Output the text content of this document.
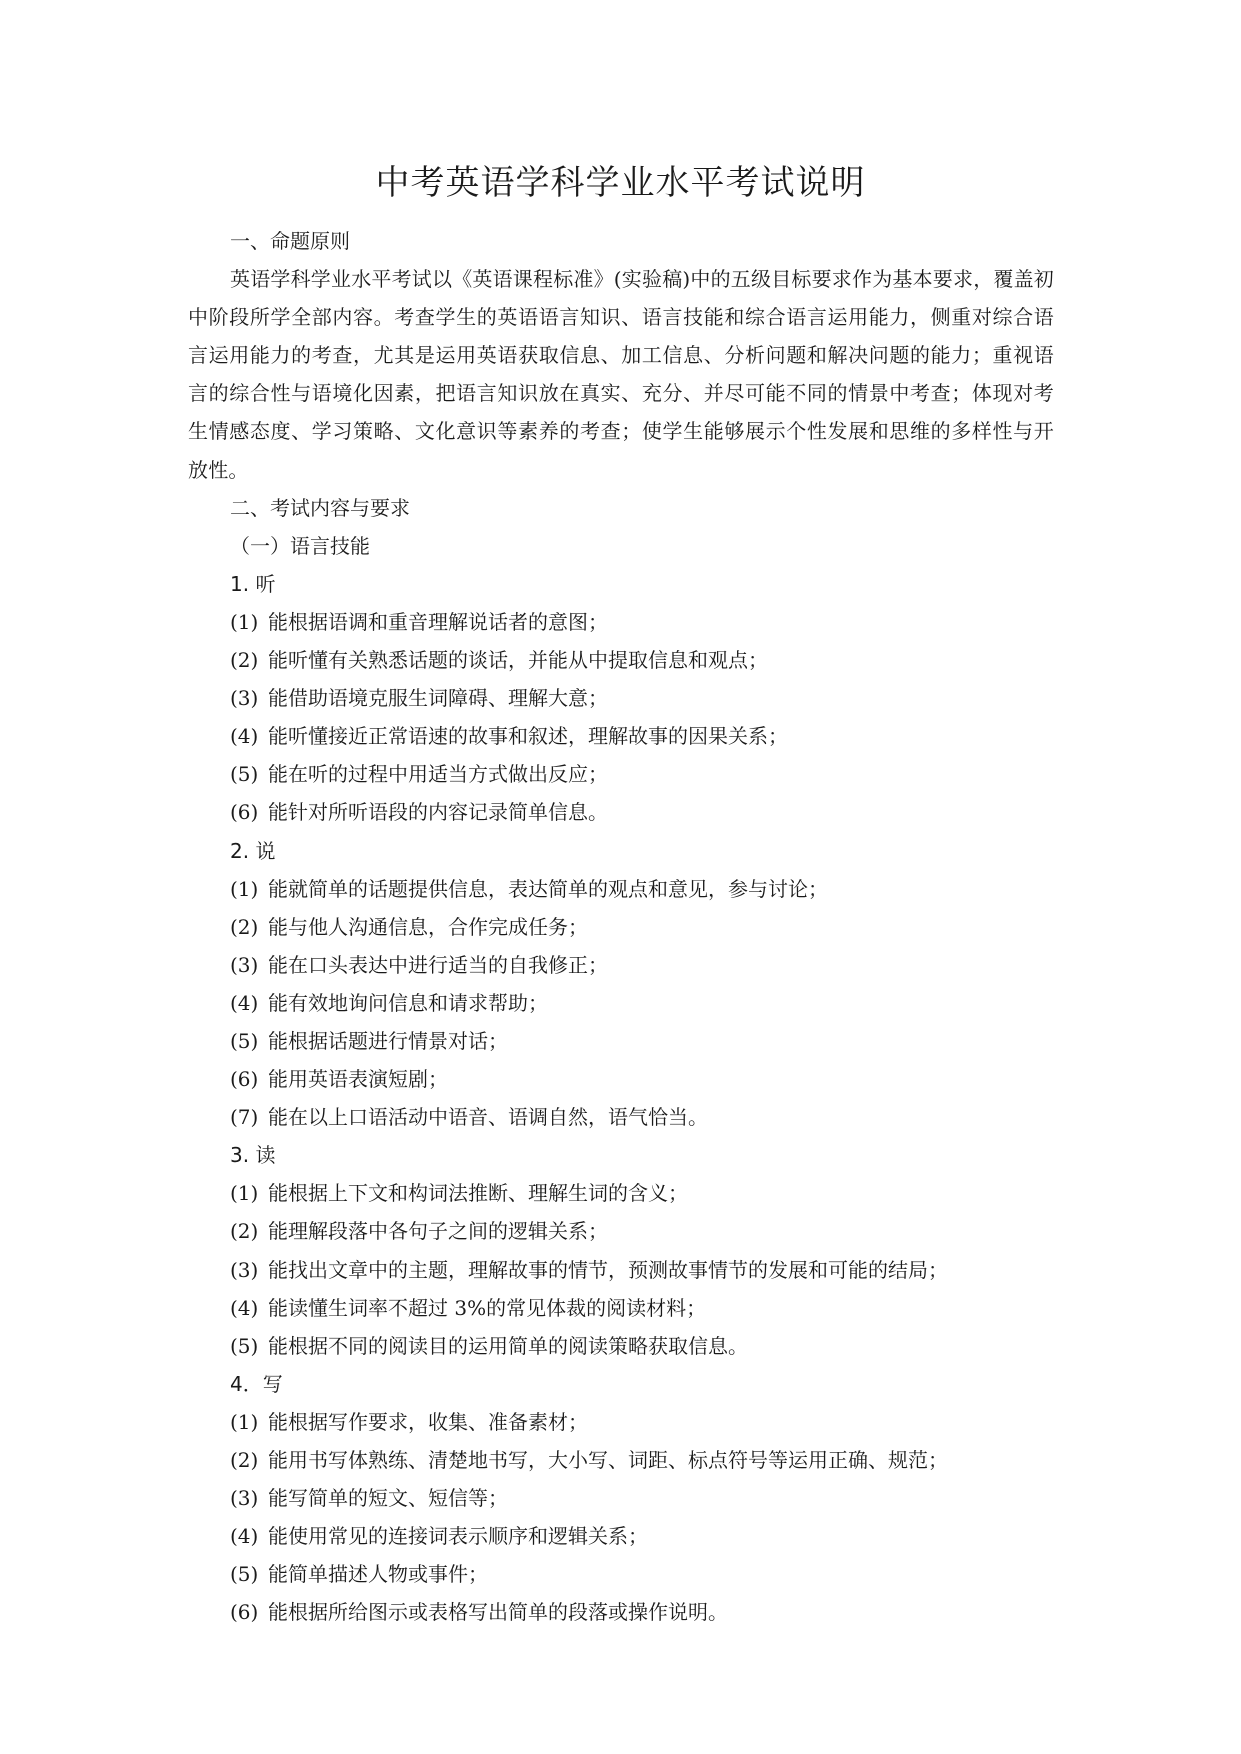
中考英语学科学业水平考试说明
一、命题原则

英语学科学业水平考试以《英语课程标准》(实验稿)中的五级目标要求作为基本要求，覆盖初中阶段所学全部内容。考查学生的英语语言知识、语言技能和综合语言运用能力，侧重对综合语言运用能力的考查，尤其是运用英语获取信息、加工信息、分析问题和解决问题的能力；重视语言的综合性与语境化因素，把语言知识放在真实、充分、并尽可能不同的情景中考查；体现对考生情感态度、学习策略、文化意识等素养的考查；使学生能够展示个性发展和思维的多样性与开放性。

二、考试内容与要求
（一）语言技能
1. 听
(1) 能根据语调和重音理解说话者的意图；
(2) 能听懂有关熟悉话题的谈话，并能从中提取信息和观点；
(3) 能借助语境克服生词障碍、理解大意；
(4) 能听懂接近正常语速的故事和叙述，理解故事的因果关系；
(5) 能在听的过程中用适当方式做出反应；
(6) 能针对所听语段的内容记录简单信息。
2. 说
(1) 能就简单的话题提供信息，表达简单的观点和意见，参与讨论；
(2) 能与他人沟通信息，合作完成任务；
(3) 能在口头表达中进行适当的自我修正；
(4) 能有效地询问信息和请求帮助；
(5) 能根据话题进行情景对话；
(6) 能用英语表演短剧；
(7) 能在以上口语活动中语音、语调自然，语气恰当。
3. 读
(1) 能根据上下文和构词法推断、理解生词的含义；
(2) 能理解段落中各句子之间的逻辑关系；
(3) 能找出文章中的主题，理解故事的情节，预测故事情节的发展和可能的结局；
(4) 能读懂生词率不超过 3%的常见体裁的阅读材料；
(5) 能根据不同的阅读目的运用简单的阅读策略获取信息。
4．写
(1) 能根据写作要求，收集、准备素材；
(2) 能用书写体熟练、清楚地书写，大小写、词距、标点符号等运用正确、规范；
(3) 能写简单的短文、短信等；
(4) 能使用常见的连接词表示顺序和逻辑关系；
(5) 能简单描述人物或事件；
(6) 能根据所给图示或表格写出简单的段落或操作说明。
